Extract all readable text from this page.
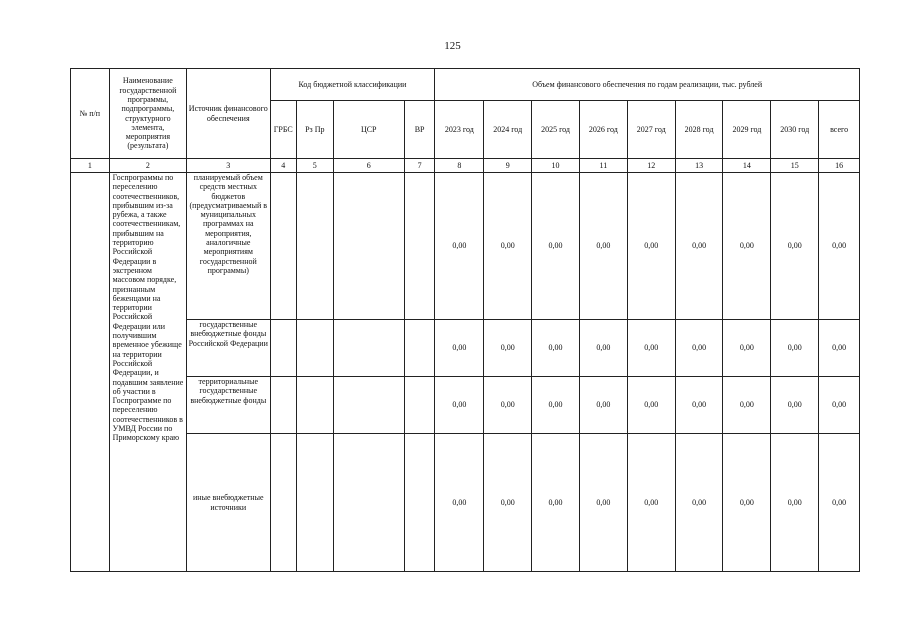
125
№ п/п	Наименование государственной программы, подпрограммы, структурного элемента, мероприятия (результата)	Источник финансового обеспечения	Код бюджетной классификации				Объем финансового обеспечения по годам реализации, тыс. рублей								
			ГРБС	Рз Пр	ЦСР	ВР	2023 год	2024 год	2025 год	2026 год	2027 год	2028 год	2029 год	2030 год	всего
1	2	3	4	5	6	7	8	9	10	11	12	13	14	15	16
	Госпрограммы по переселению соотечественников, прибывшим из-за рубежа, а также соотечественникам, прибывшим на территорию Российской Федерации в экстренном массовом порядке, признанным беженцами на территории Российской Федерации или получившим временное убежище на территории Российской Федерации, и подавшим заявление об участии в Госпрограмме по переселению соотечественников в УМВД России по Приморскому краю	планируемый объем средств местных бюджетов (предусматриваемый в муниципальных программах на мероприятия, аналогичные мероприятиям государственной программы)					0,00	0,00	0,00	0,00	0,00	0,00	0,00	0,00	0,00
		государственные внебюджетные фонды Российской Федерации					0,00	0,00	0,00	0,00	0,00	0,00	0,00	0,00	0,00
		территориальные государственные внебюджетные фонды					0,00	0,00	0,00	0,00	0,00	0,00	0,00	0,00	0,00
		иные внебюджетные источники					0,00	0,00	0,00	0,00	0,00	0,00	0,00	0,00	0,00
